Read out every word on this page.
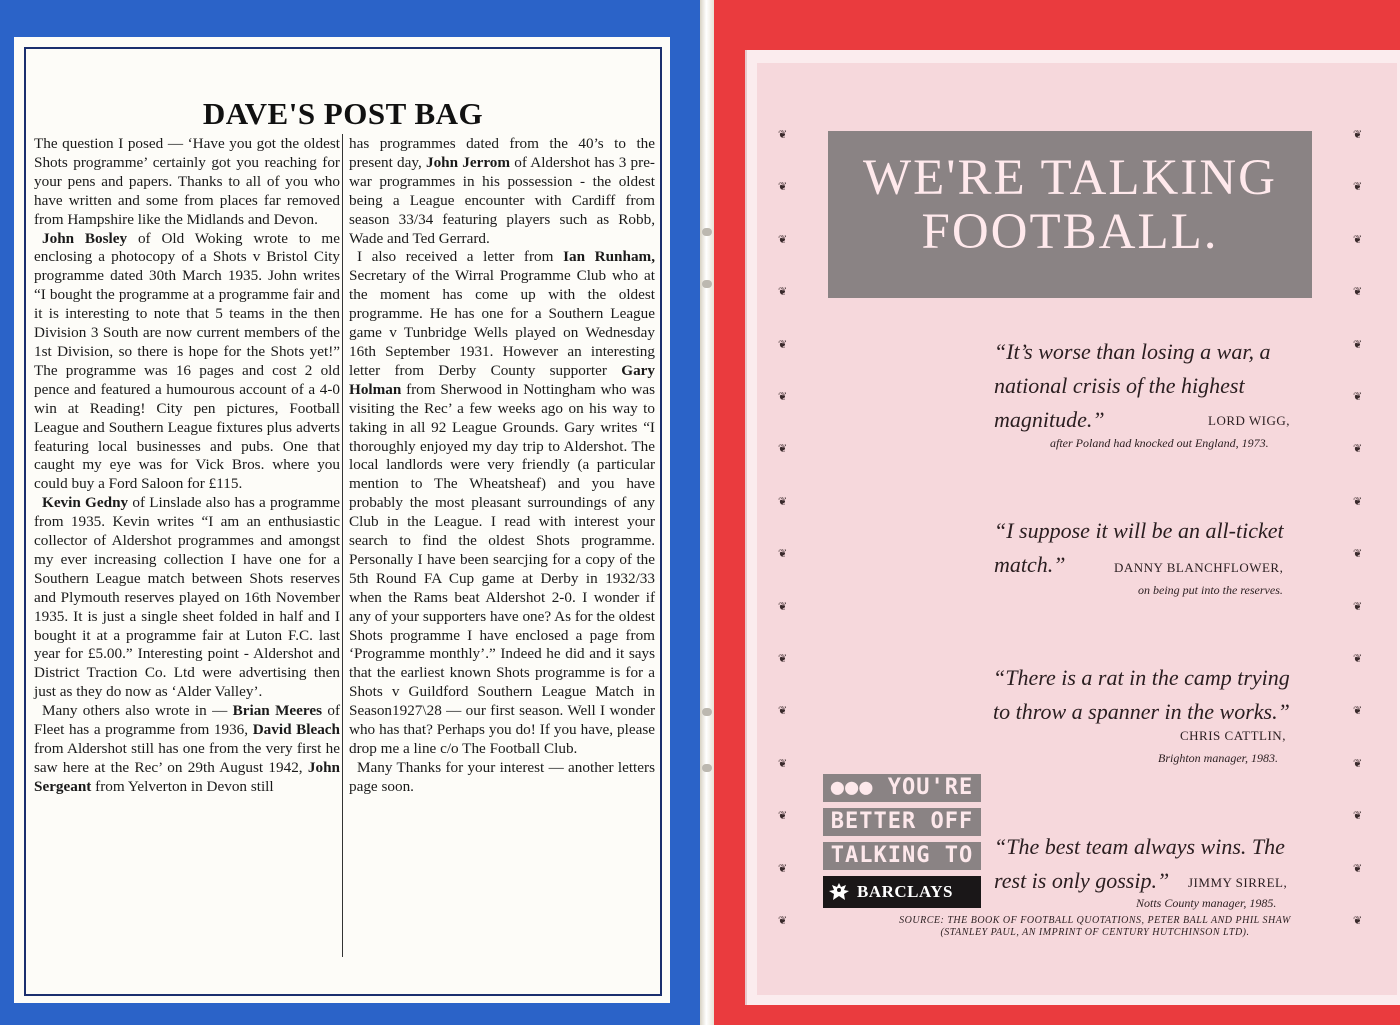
DAVE'S POST BAG

The question I posed — ‘Have you got the oldest Shots programme’ certainly got you reaching for your pens and papers. Thanks to all of you who have written and some from places far removed from Hampshire like the Midlands and Devon.

John Bosley of Old Woking wrote to me enclosing a photocopy of a Shots v Bristol City programme dated 30th March 1935. John writes “I bought the programme at a programme fair and it is interesting to note that 5 teams in the then Division 3 South are now current members of the 1st Division, so there is hope for the Shots yet!” The programme was 16 pages and cost 2 old pence and featured a humourous account of a 4-0 win at Reading! City pen pictures, Football League and Southern League fixtures plus adverts featuring local businesses and pubs. One that caught my eye was for Vick Bros. where you could buy a Ford Saloon for £115.

Kevin Gedny of Linslade also has a programme from 1935. Kevin writes “I am an enthusiastic collector of Aldershot programmes and amongst my ever increasing collection I have one for a Southern League match between Shots reserves and Plymouth reserves played on 16th November 1935. It is just a single sheet folded in half and I bought it at a programme fair at Luton F.C. last year for £5.00.” Interesting point - Aldershot and District Traction Co. Ltd were advertising then just as they do now as ‘Alder Valley’.

Many others also wrote in — Brian Meeres of Fleet has a programme from 1936, David Bleach from Aldershot still has one from the very first he saw here at the Rec’ on 29th August 1942, John Sergeant from Yelverton in Devon still

has programmes dated from the 40’s to the present day, John Jerrom of Aldershot has 3 pre-war programmes in his possession - the oldest being a League encounter with Cardiff from season 33/34 featuring players such as Robb, Wade and Ted Gerrard.

I also received a letter from Ian Runham, Secretary of the Wirral Programme Club who at the moment has come up with the oldest programme. He has one for a Southern League game v Tunbridge Wells played on Wednesday 16th September 1931. However an interesting letter from Derby County supporter Gary Holman from Sherwood in Nottingham who was visiting the Rec’ a few weeks ago on his way to taking in all 92 League Grounds. Gary writes “I thoroughly enjoyed my day trip to Aldershot. The local landlords were very friendly (a particular mention to The Wheatsheaf) and you have probably the most pleasant surroundings of any Club in the League. I read with interest your search to find the oldest Shots programme. Personally I have been searcjing for a copy of the 5th Round FA Cup game at Derby in 1932/33 when the Rams beat Aldershot 2-0. I wonder if any of your supporters have one? As for the oldest Shots programme I have enclosed a page from ‘Programme monthly’.” Indeed he did and it says that the earliest known Shots programme is for a Shots v Guildford Southern League Match in Season1927\28 — our first season. Well I wonder who has that? Perhaps you do! If you have, please drop me a line c/o The Football Club.

Many Thanks for your interest — another letters page soon.

❦	❦
❦	❦
❦	❦
❦	❦
❦	❦
❦	❦
❦	❦
❦	❦
❦	❦
❦	❦
❦	❦
❦	❦
❦	❦
❦	❦
❦	❦
❦	❦
WE'RE TALKING
FOOTBALL.
“It’s worse than losing a war, a national crisis of the highest magnitude.”	LORD WIGG,
after Poland had knocked out England, 1973.
“I suppose it will be an all-ticket match.”	DANNY BLANCHFLOWER,
on being put into the reserves.
“There is a rat in the camp trying to throw a spanner in the works.”
CHRIS CATTLIN,
Brighton manager, 1983.
“The best team always wins. The rest is only gossip.”	JIMMY SIRREL,
Notts County manager, 1985.
●●● YOU'RE
BETTER OFF
TALKING TO
BARCLAYS
SOURCE: THE BOOK OF FOOTBALL QUOTATIONS, PETER BALL AND PHIL SHAW (STANLEY PAUL, AN IMPRINT OF CENTURY HUTCHINSON LTD).
